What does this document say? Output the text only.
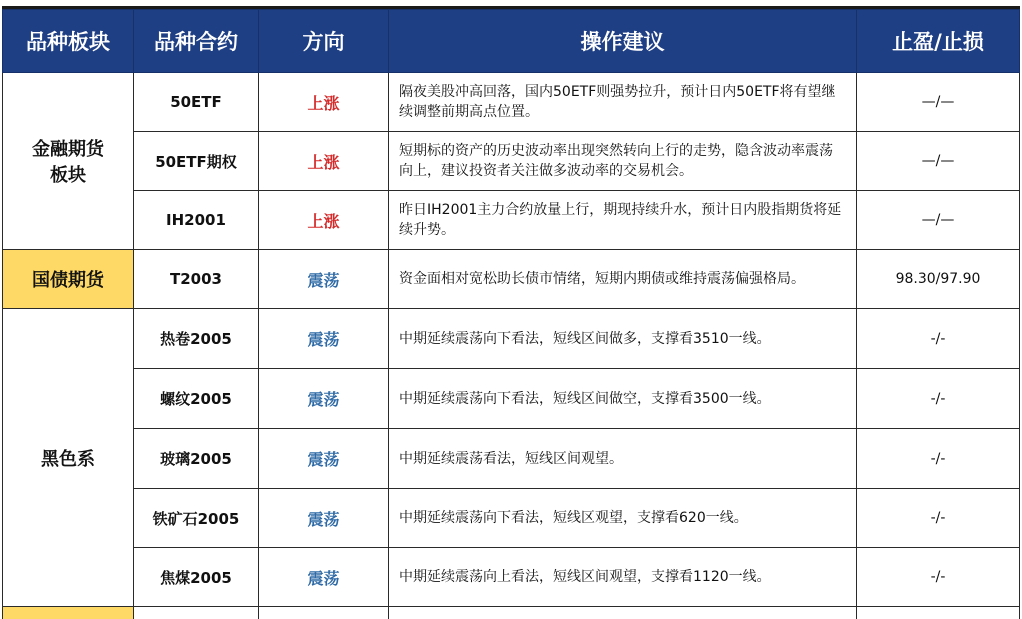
品种板块	品种合约	方向	操作建议	止盈/止损
金融期货板块	50ETF	上涨	隔夜美股冲高回落，国内50ETF则强势拉升，预计日内50ETF将有望继续调整前期高点位置。	—/—
	50ETF期权	上涨	短期标的资产的历史波动率出现突然转向上行的走势，隐含波动率震荡向上，建议投资者关注做多波动率的交易机会。	—/—
	IH2001	上涨	昨日IH2001主力合约放量上行，期现持续升水，预计日内股指期货将延续升势。	—/—
国债期货	T2003	震荡	资金面相对宽松助长债市情绪，短期内期债或维持震荡偏强格局。	98.30/97.90
黑色系	热卷2005	震荡	中期延续震荡向下看法，短线区间做多，支撑看3510一线。	-/-
	螺纹2005	震荡	中期延续震荡向下看法，短线区间做空，支撑看3500一线。	-/-
	玻璃2005	震荡	中期延续震荡看法，短线区间观望。	-/-
	铁矿石2005	震荡	中期延续震荡向下看法，短线区观望，支撑看620一线。	-/-
	焦煤2005	震荡	中期延续震荡向上看法，短线区间观望，支撑看1120一线。	-/-
